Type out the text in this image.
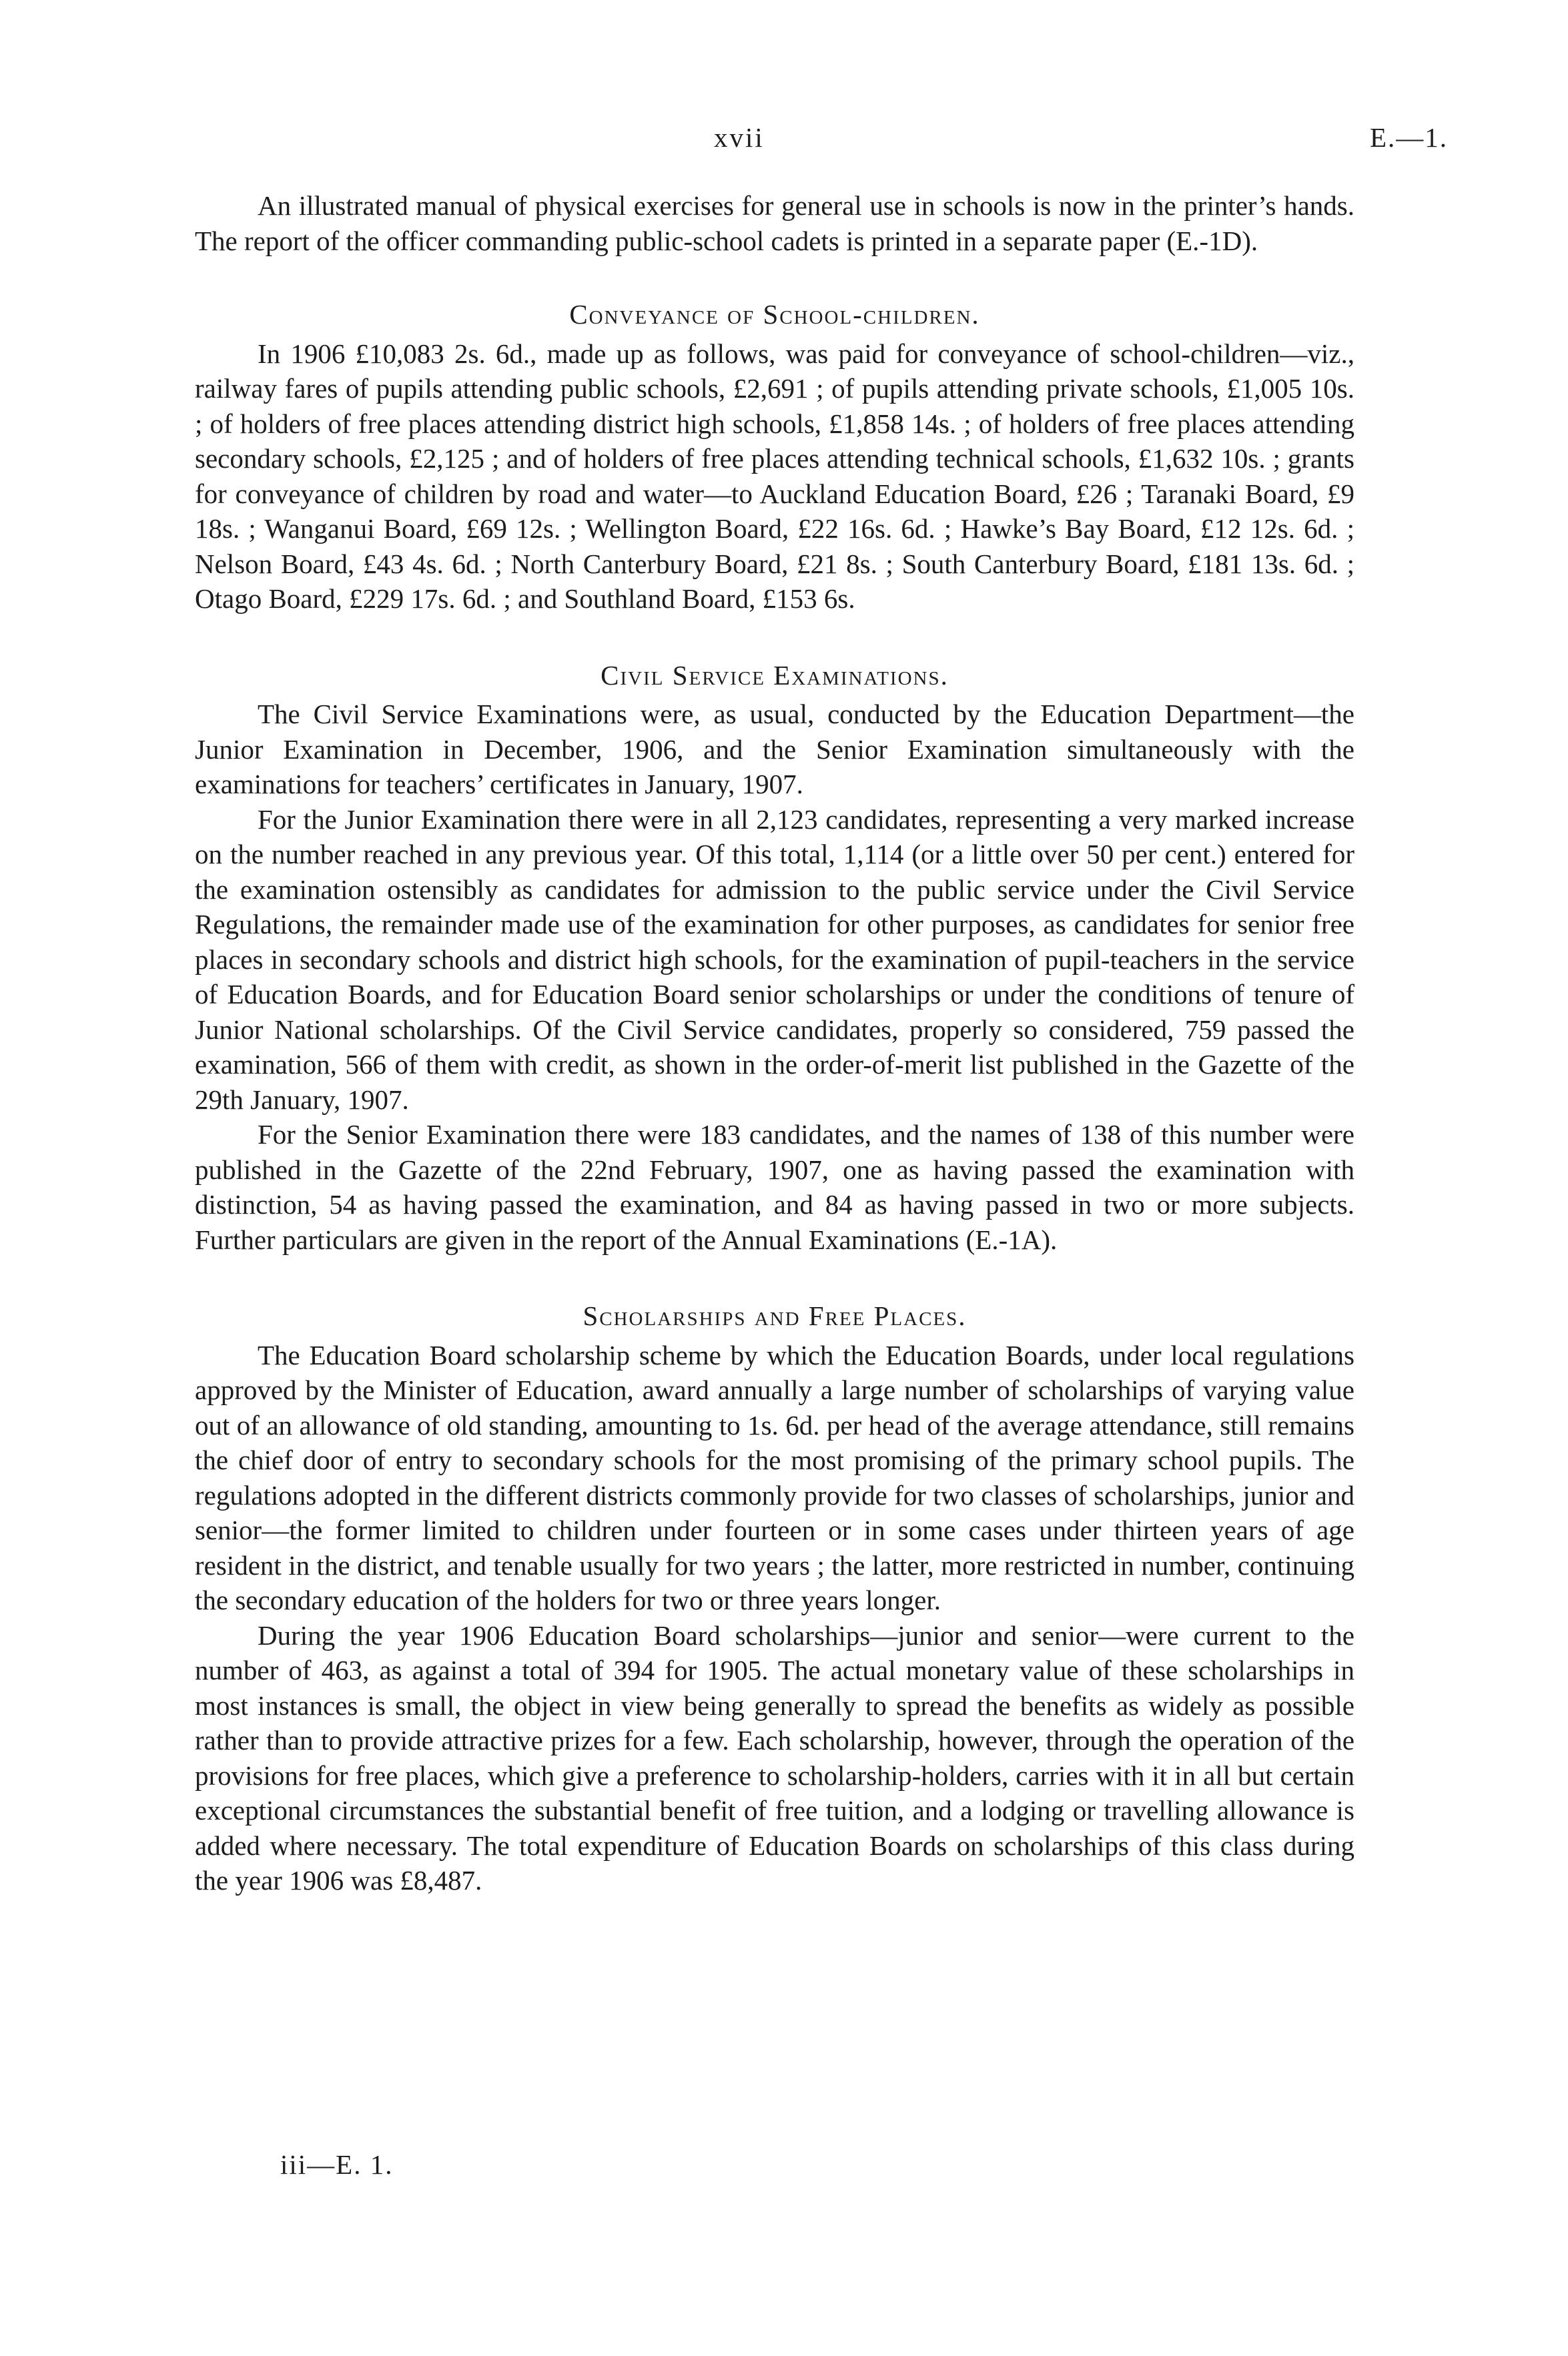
xvii	E.—1.

An illustrated manual of physical exercises for general use in schools is now in the printer’s hands. The report of the officer commanding public-school cadets is printed in a separate paper (E.-1D).

Conveyance of School-children.

In 1906 £10,083 2s. 6d., made up as follows, was paid for conveyance of school-children—viz., railway fares of pupils attending public schools, £2,691 ; of pupils attending private schools, £1,005 10s. ; of holders of free places attending district high schools, £1,858 14s. ; of holders of free places attending secondary schools, £2,125 ; and of holders of free places attending technical schools, £1,632 10s. ; grants for conveyance of children by road and water—to Auckland Education Board, £26 ; Taranaki Board, £9 18s. ; Wanganui Board, £69 12s. ; Wellington Board, £22 16s. 6d. ; Hawke’s Bay Board, £12 12s. 6d. ; Nelson Board, £43 4s. 6d. ; North Canterbury Board, £21 8s. ; South Canterbury Board, £181 13s. 6d. ; Otago Board, £229 17s. 6d. ; and Southland Board, £153 6s.

Civil Service Examinations.

The Civil Service Examinations were, as usual, conducted by the Education Department—the Junior Examination in December, 1906, and the Senior Examination simultaneously with the examinations for teachers’ certificates in January, 1907.

For the Junior Examination there were in all 2,123 candidates, representing a very marked increase on the number reached in any previous year. Of this total, 1,114 (or a little over 50 per cent.) entered for the examination ostensibly as candidates for admission to the public service under the Civil Service Regulations, the remainder made use of the examination for other purposes, as candidates for senior free places in secondary schools and district high schools, for the examination of pupil-teachers in the service of Education Boards, and for Education Board senior scholarships or under the conditions of tenure of Junior National scholarships. Of the Civil Service candidates, properly so considered, 759 passed the examination, 566 of them with credit, as shown in the order-of-merit list published in the Gazette of the 29th January, 1907.

For the Senior Examination there were 183 candidates, and the names of 138 of this number were published in the Gazette of the 22nd February, 1907, one as having passed the examination with distinction, 54 as having passed the examination, and 84 as having passed in two or more subjects. Further particulars are given in the report of the Annual Examinations (E.-1A).

Scholarships and Free Places.

The Education Board scholarship scheme by which the Education Boards, under local regulations approved by the Minister of Education, award annually a large number of scholarships of varying value out of an allowance of old standing, amounting to 1s. 6d. per head of the average attendance, still remains the chief door of entry to secondary schools for the most promising of the primary school pupils. The regulations adopted in the different districts commonly provide for two classes of scholarships, junior and senior—the former limited to children under fourteen or in some cases under thirteen years of age resident in the district, and tenable usually for two years ; the latter, more restricted in number, continuing the secondary education of the holders for two or three years longer.

During the year 1906 Education Board scholarships—junior and senior—were current to the number of 463, as against a total of 394 for 1905. The actual monetary value of these scholarships in most instances is small, the object in view being generally to spread the benefits as widely as possible rather than to provide attractive prizes for a few. Each scholarship, however, through the operation of the provisions for free places, which give a preference to scholarship-holders, carries with it in all but certain exceptional circumstances the substantial benefit of free tuition, and a lodging or travelling allowance is added where necessary. The total expenditure of Education Boards on scholarships of this class during the year 1906 was £8,487.

iii—E. 1.
